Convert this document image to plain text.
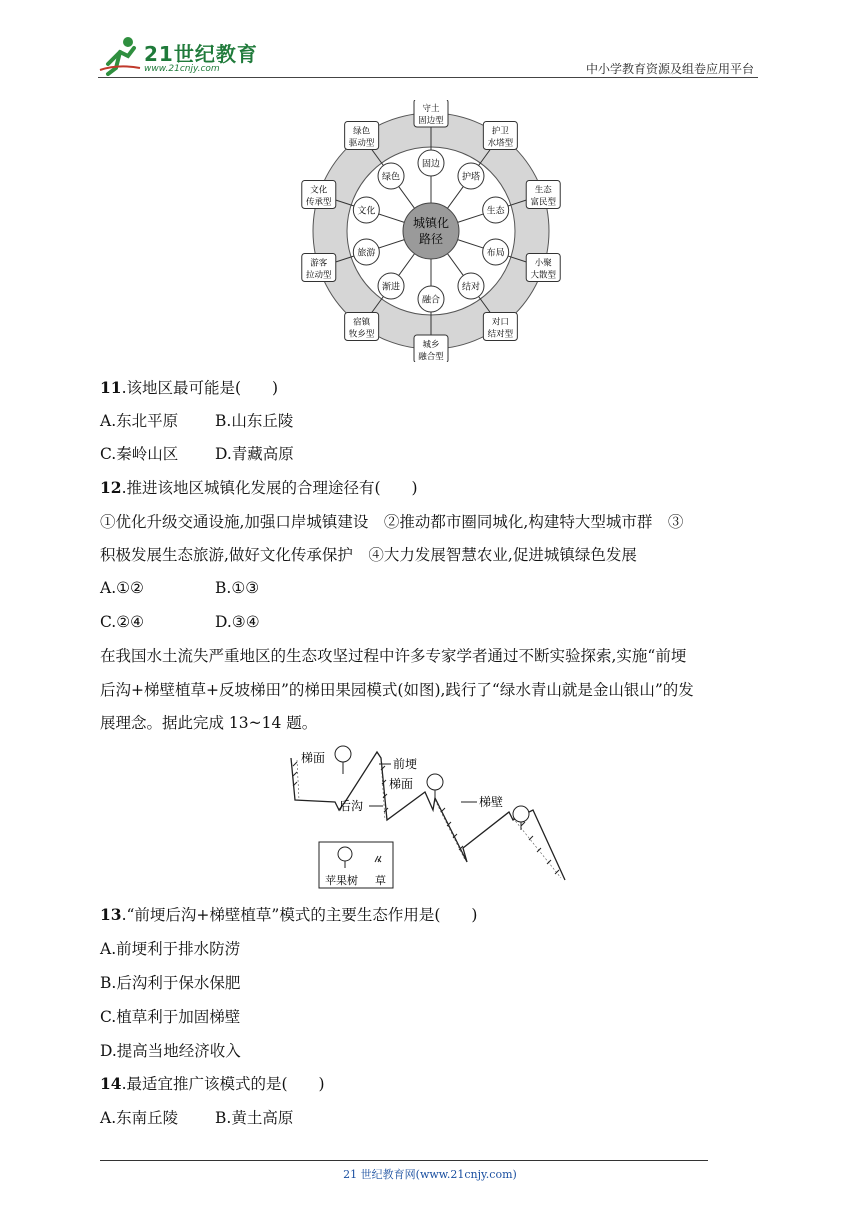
21世纪教育
www.21cnjy.com	中小学教育资源及组卷应用平台
城镇化
路径
固边
护塔
生态
布局
结对
融合
渐进
旅游
文化
绿色
守土
固边型
护卫
水塔型
生态
富民型
小聚
大散型
对口
结对型
城乡
融合型
宿镇
牧乡型
游客
拉动型
文化
传承型
绿色
驱动型
11.该地区最可能是(　　)
A.东北平原 B.山东丘陵
C.秦岭山区 D.青藏高原
12.推进该地区城镇化发展的合理途径有(　　)
①优化升级交通设施,加强口岸城镇建设　②推动都市圈同城化,构建特大型城市群　③
积极发展生态旅游,做好文化传承保护　④大力发展智慧农业,促进城镇绿色发展
A.①②	B.①③
C.②④	D.③④
在我国水土流失严重地区的生态攻坚过程中许多专家学者通过不断实验探索,实施“前埂
后沟+梯壁植草+反坡梯田”的梯田果园模式(如图),践行了“绿水青山就是金山银山”的发
展理念。据此完成 13~14 题。
梯面	前埂
梯面
后沟	梯壁
苹果树 草
13.“前埂后沟+梯壁植草”模式的主要生态作用是(　　)
A.前埂利于排水防涝
B.后沟利于保水保肥
C.植草利于加固梯壁
D.提高当地经济收入
14.最适宜推广该模式的是(　　)
A.东南丘陵 B.黄土高原
21 世纪教育网(www.21cnjy.com)
